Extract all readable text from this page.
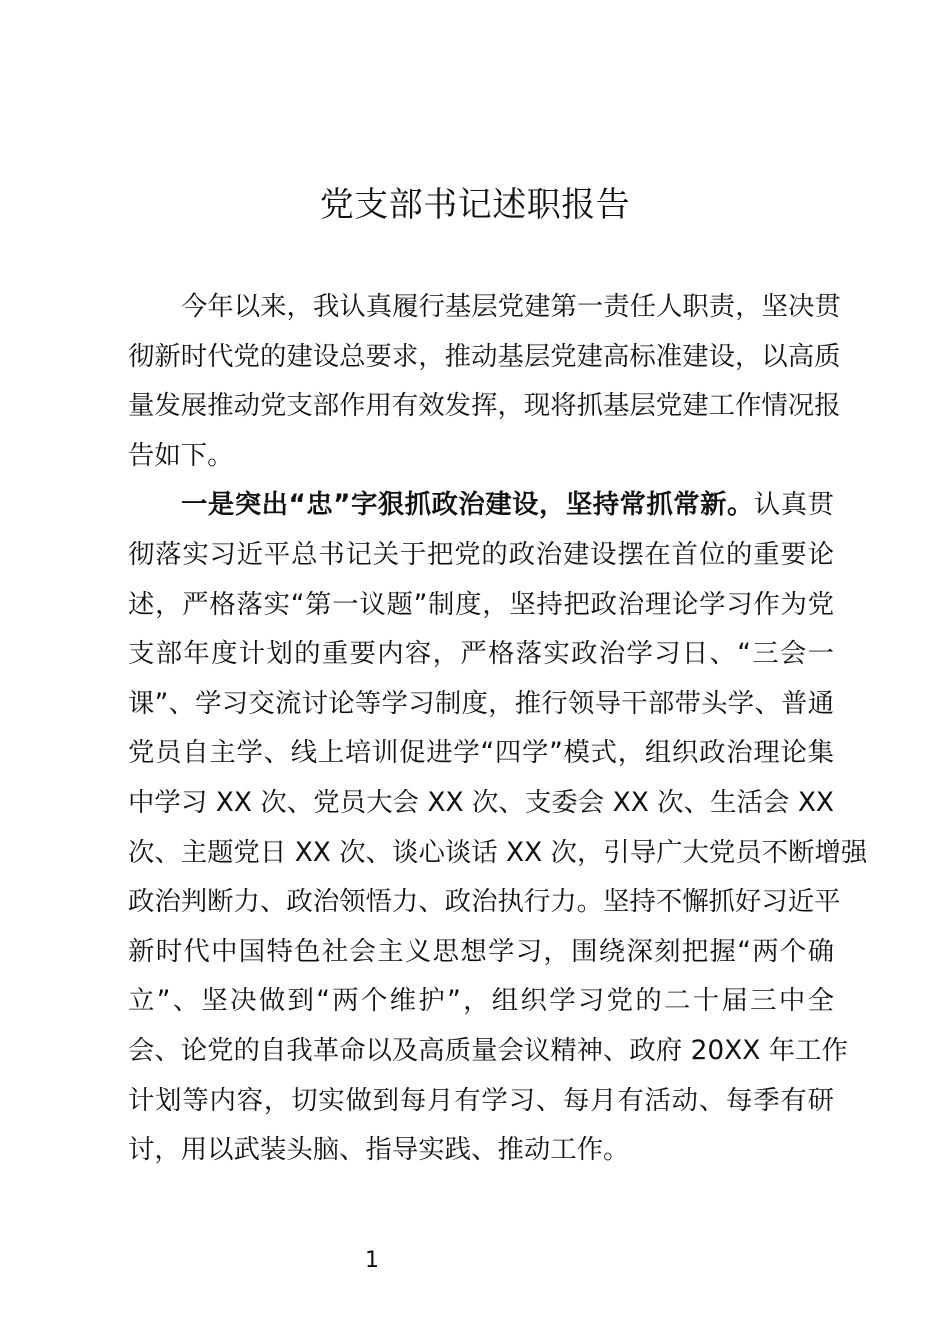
党支部书记述职报告
今年以来，我认真履行基层党建第一责任人职责，坚决贯
彻新时代党的建设总要求，推动基层党建高标准建设，以高质
量发展推动党支部作用有效发挥，现将抓基层党建工作情况报
告如下。
一是突出“忠”字狠抓政治建设，坚持常抓常新。认真贯
彻落实习近平总书记关于把党的政治建设摆在首位的重要论
述，严格落实“第一议题”制度，坚持把政治理论学习作为党
支部年度计划的重要内容，严格落实政治学习日、“三会一
课”、学习交流讨论等学习制度，推行领导干部带头学、普通
党员自主学、线上培训促进学“四学”模式，组织政治理论集
中学习 XX 次、党员大会 XX 次、支委会 XX 次、生活会 XX
次、主题党日 XX 次、谈心谈话 XX 次，引导广大党员不断增强
政治判断力、政治领悟力、政治执行力。坚持不懈抓好习近平
新时代中国特色社会主义思想学习，围绕深刻把握“两个确
立”、坚决做到“两个维护”，组织学习党的二十届三中全
会、论党的自我革命以及高质量会议精神、政府 20XX 年工作
计划等内容，切实做到每月有学习、每月有活动、每季有研
讨，用以武装头脑、指导实践、推动工作。
1
